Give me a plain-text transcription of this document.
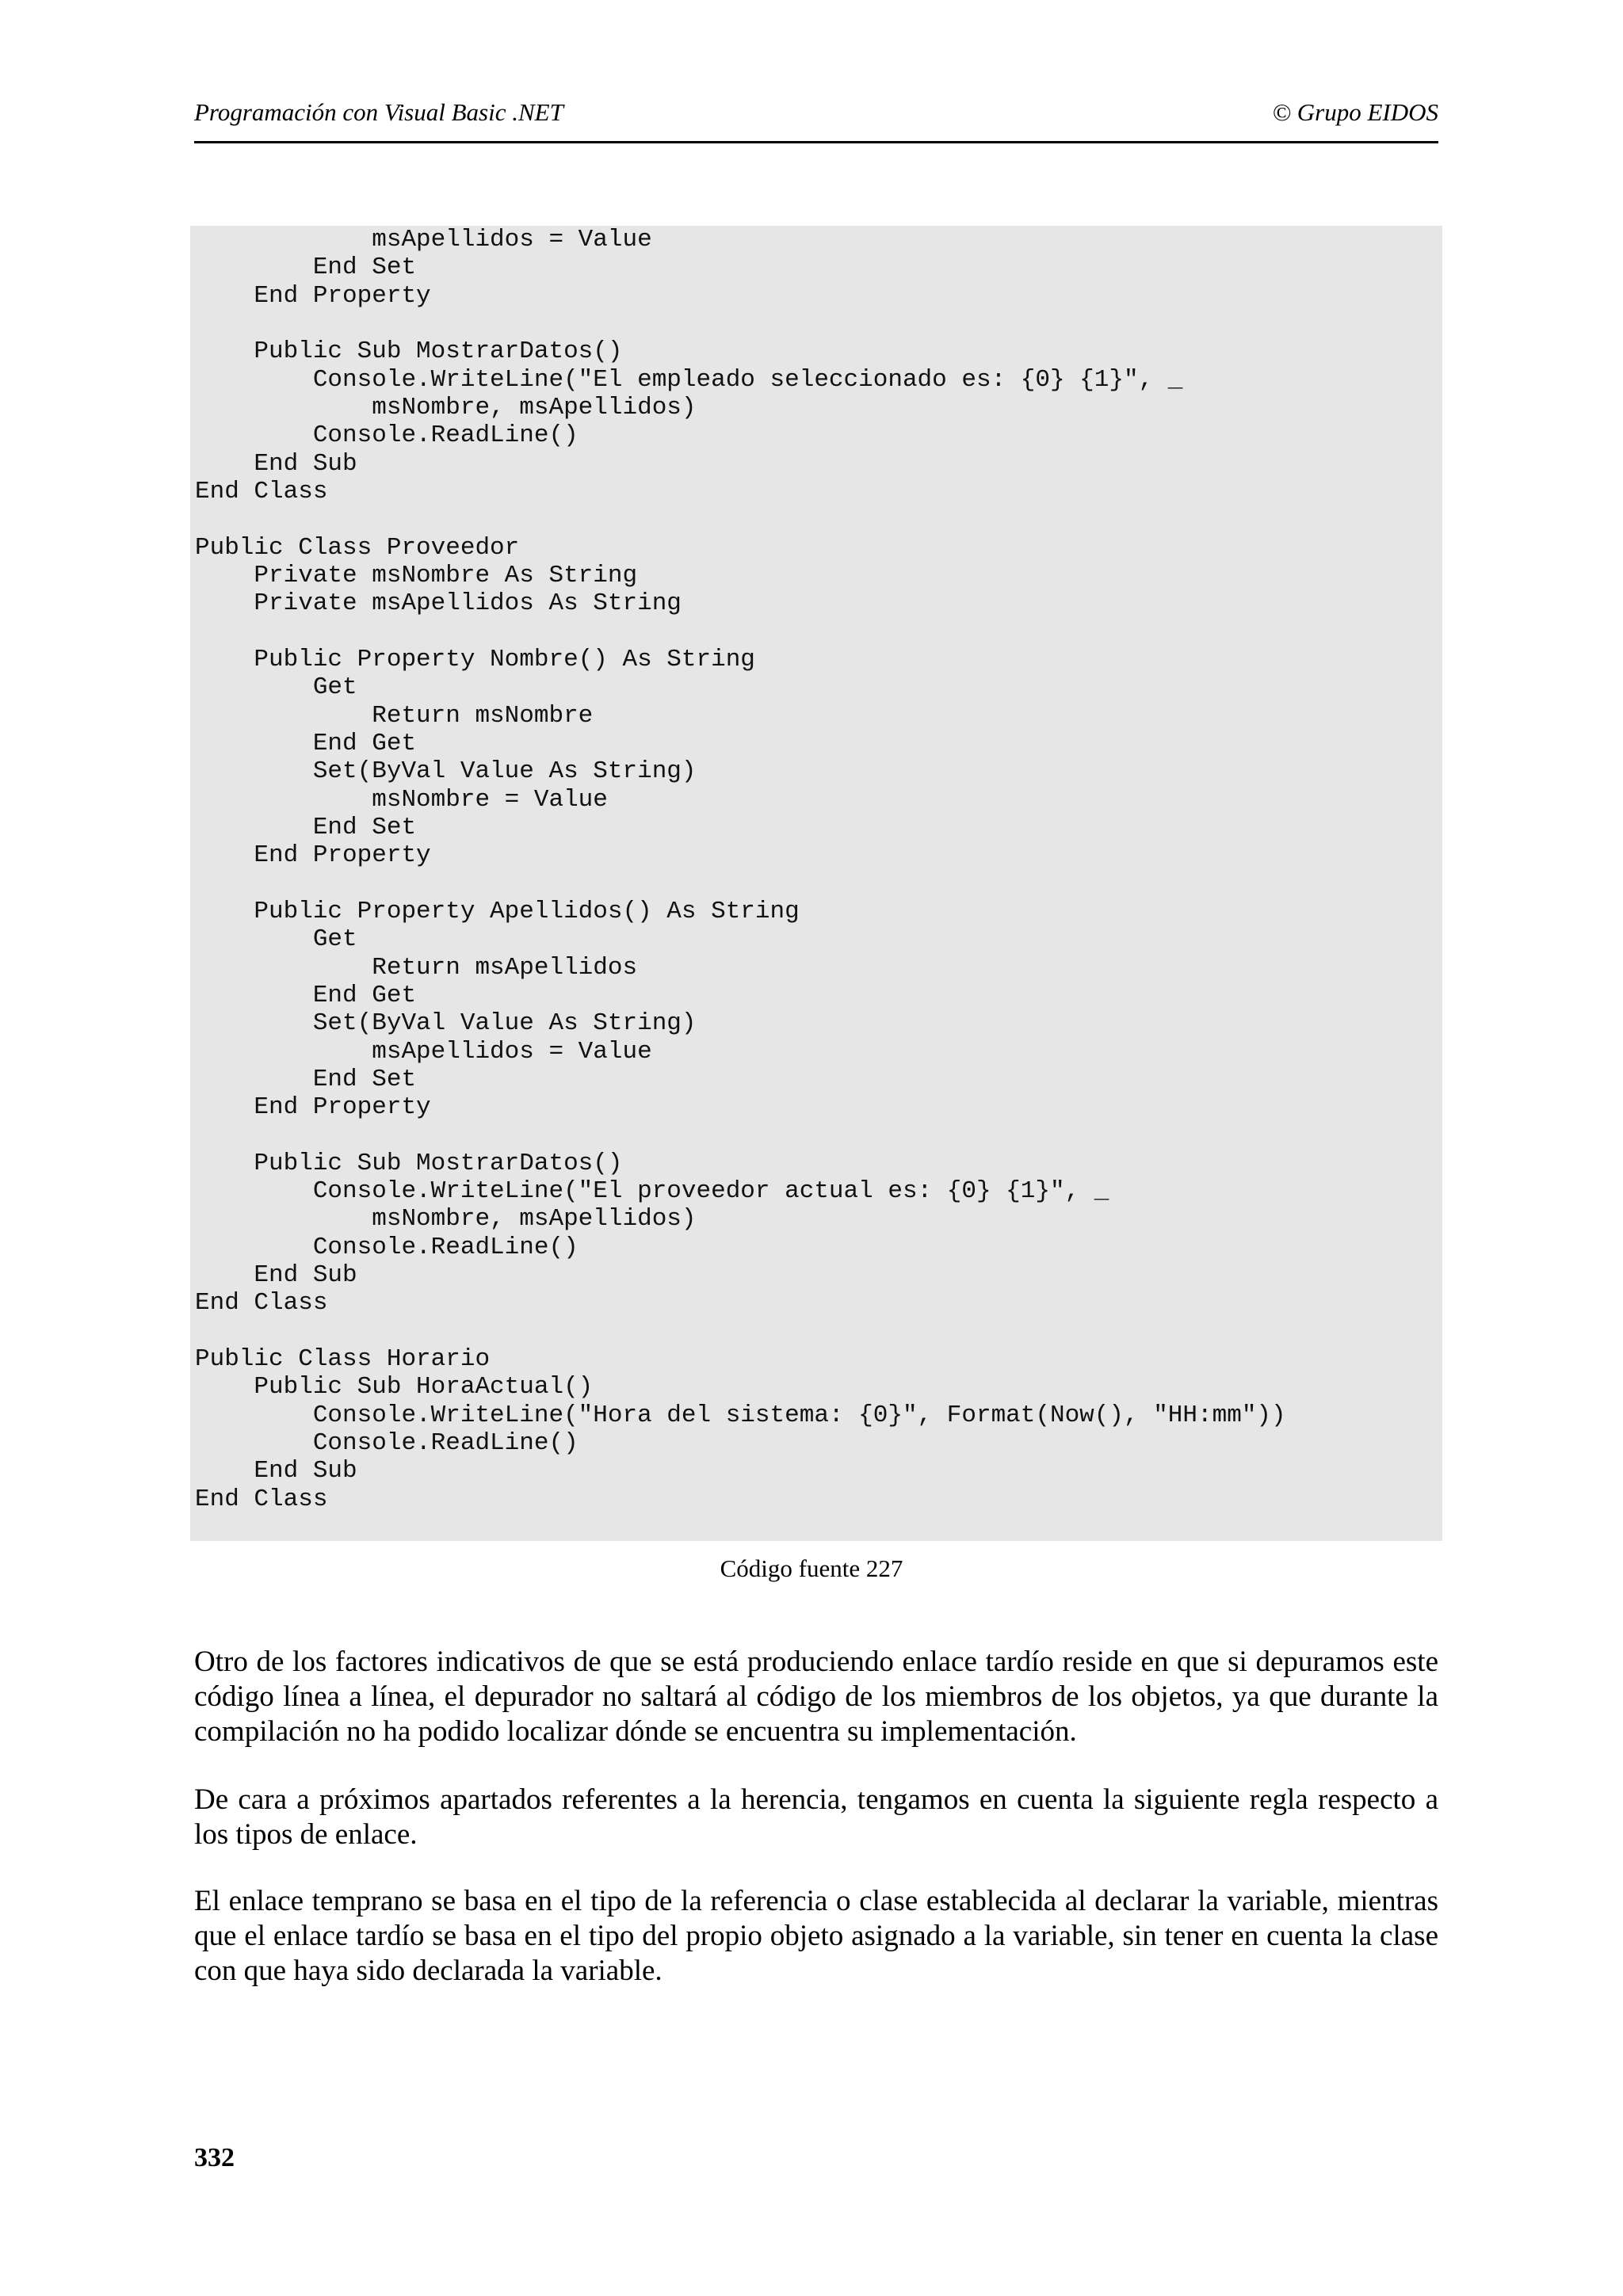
Programación con Visual Basic .NET	© Grupo EIDOS
msApellidos = Value
End Set
End Property

Public Sub MostrarDatos()
Console.WriteLine("El empleado seleccionado es: {0} {1}", _
msNombre, msApellidos)
Console.ReadLine()
End Sub
End Class

Public Class Proveedor
Private msNombre As String
Private msApellidos As String

Public Property Nombre() As String
Get
Return msNombre
End Get
Set(ByVal Value As String)
msNombre = Value
End Set
End Property

Public Property Apellidos() As String
Get
Return msApellidos
End Get
Set(ByVal Value As String)
msApellidos = Value
End Set
End Property

Public Sub MostrarDatos()
Console.WriteLine("El proveedor actual es: {0} {1}", _
msNombre, msApellidos)
Console.ReadLine()
End Sub
End Class

Public Class Horario
Public Sub HoraActual()
Console.WriteLine("Hora del sistema: {0}", Format(Now(), "HH:mm"))
Console.ReadLine()
End Sub
End Class

Código fuente 227

Otro de los factores indicativos de que se está produciendo enlace tardío reside en que si depuramos este código línea a línea, el depurador no saltará al código de los miembros de los objetos, ya que durante la compilación no ha podido localizar dónde se encuentra su implementación.

De cara a próximos apartados referentes a la herencia, tengamos en cuenta la siguiente regla respecto a los tipos de enlace.

El enlace temprano se basa en el tipo de la referencia o clase establecida al declarar la variable, mientras que el enlace tardío se basa en el tipo del propio objeto asignado a la variable, sin tener en cuenta la clase con que haya sido declarada la variable.

332
